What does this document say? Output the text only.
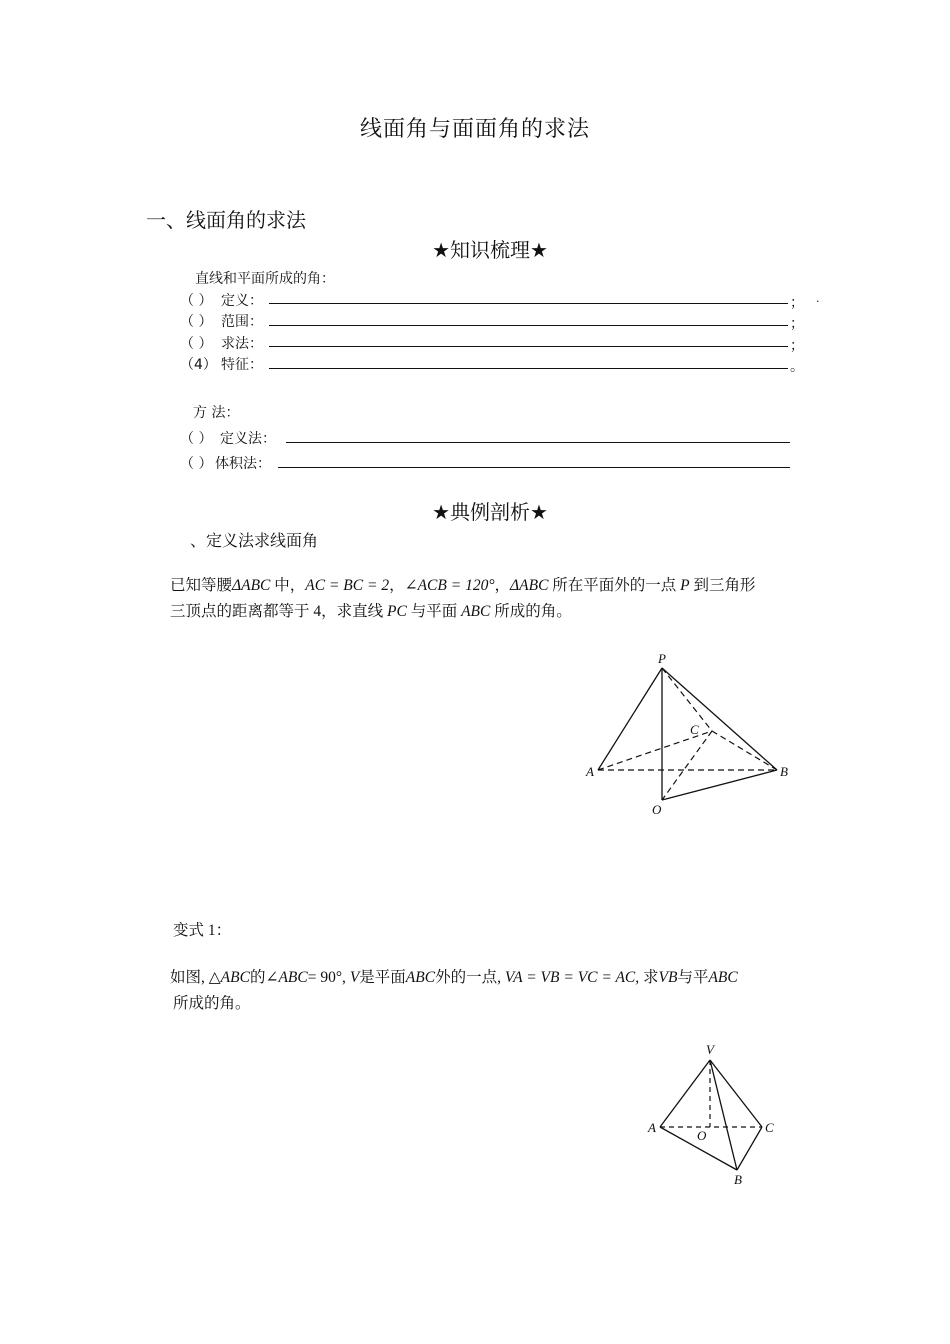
线面角与面面角的求法
一、线面角的求法
★知识梳理★
直线和平面所成的角：
（ ） 定义：	； .
（ ） 范围：	；
（ ） 求法：	；
（4） 特征：	。
方 法：
（ ） 定义法：
（ ） 体积法：
★典例剖析★
、定义法求线面角
已知等腰ΔABC 中，AC = BC = 2，∠ACB = 120°，ΔABC 所在平面外的一点 P 到三角形
三顶点的距离都等于 4，求直线 PC 与平面 ABC 所成的角。
P
C
A	B
O
变式 1：
如图, △ABC的∠ABC= 90°, V是平面ABC外的一点, VA = VB = VC = AC, 求VB与平ABC
所成的角。
V
A
O
C
B
